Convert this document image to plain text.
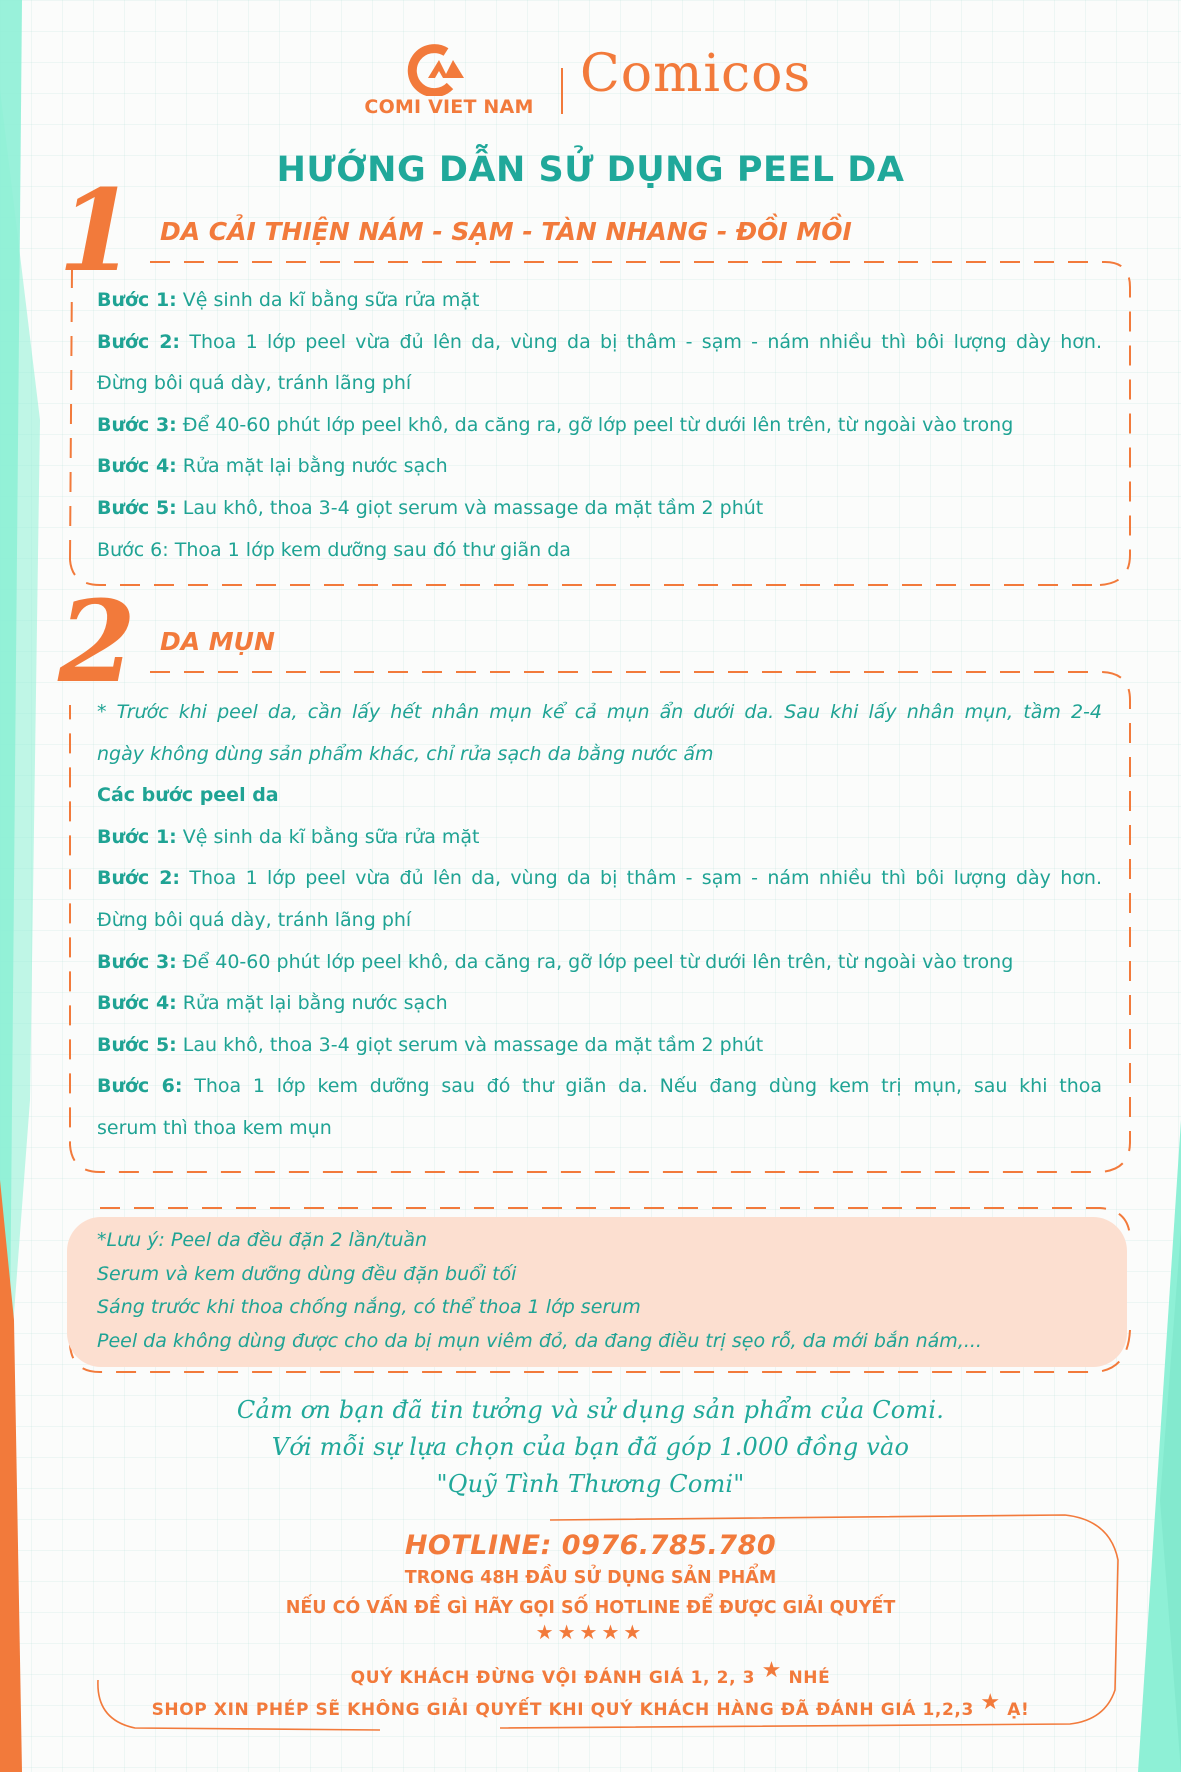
COMI VIET NAM
Comicos
HƯỚNG DẪN SỬ DỤNG PEEL DA
1 DA CẢI THIỆN NÁM - SẠM - TÀN NHANG - ĐỒI MỒI
Bước 1: Vệ sinh da kĩ bằng sữa rửa mặt
Bước 2: Thoa 1 lớp peel vừa đủ lên da, vùng da bị thâm - sạm - nám nhiều thì bôi lượng dày hơn.
Đừng bôi quá dày, tránh lãng phí
Bước 3: Để 40-60 phút lớp peel khô, da căng ra, gỡ lớp peel từ dưới lên trên, từ ngoài vào trong
Bước 4: Rửa mặt lại bằng nước sạch
Bước 5: Lau khô, thoa 3-4 giọt serum và massage da mặt tầm 2 phút
Bước 6: Thoa 1 lớp kem dưỡng sau đó thư giãn da
2 DA MỤN
* Trước khi peel da, cần lấy hết nhân mụn kể cả mụn ẩn dưới da. Sau khi lấy nhân mụn, tầm 2-4
ngày không dùng sản phẩm khác, chỉ rửa sạch da bằng nước ấm
Các bước peel da
Bước 1: Vệ sinh da kĩ bằng sữa rửa mặt
Bước 2: Thoa 1 lớp peel vừa đủ lên da, vùng da bị thâm - sạm - nám nhiều thì bôi lượng dày hơn.
Đừng bôi quá dày, tránh lãng phí
Bước 3: Để 40-60 phút lớp peel khô, da căng ra, gỡ lớp peel từ dưới lên trên, từ ngoài vào trong
Bước 4: Rửa mặt lại bằng nước sạch
Bước 5: Lau khô, thoa 3-4 giọt serum và massage da mặt tầm 2 phút
Bước 6: Thoa 1 lớp kem dưỡng sau đó thư giãn da. Nếu đang dùng kem trị mụn, sau khi thoa
serum thì thoa kem mụn
*Lưu ý: Peel da đều đặn 2 lần/tuần
Serum và kem dưỡng dùng đều đặn buổi tối
Sáng trước khi thoa chống nắng, có thể thoa 1 lớp serum
Peel da không dùng được cho da bị mụn viêm đỏ, da đang điều trị sẹo rỗ, da mới bắn nám,...
Cảm ơn bạn đã tin tưởng và sử dụng sản phẩm của Comi.
Với mỗi sự lựa chọn của bạn đã góp 1.000 đồng vào
"Quỹ Tình Thương Comi"
HOTLINE: 0976.785.780
TRONG 48H ĐẦU SỬ DỤNG SẢN PHẨM
NẾU CÓ VẤN ĐỀ GÌ HÃY GỌI SỐ HOTLINE ĐỂ ĐƯỢC GIẢI QUYẾT
★★★★★
QUÝ KHÁCH ĐỪNG VỘI ĐÁNH GIÁ 1, 2, 3 ★ NHÉ
SHOP XIN PHÉP SẼ KHÔNG GIẢI QUYẾT KHI QUÝ KHÁCH HÀNG ĐÃ ĐÁNH GIÁ 1,2,3 ★ Ạ!
